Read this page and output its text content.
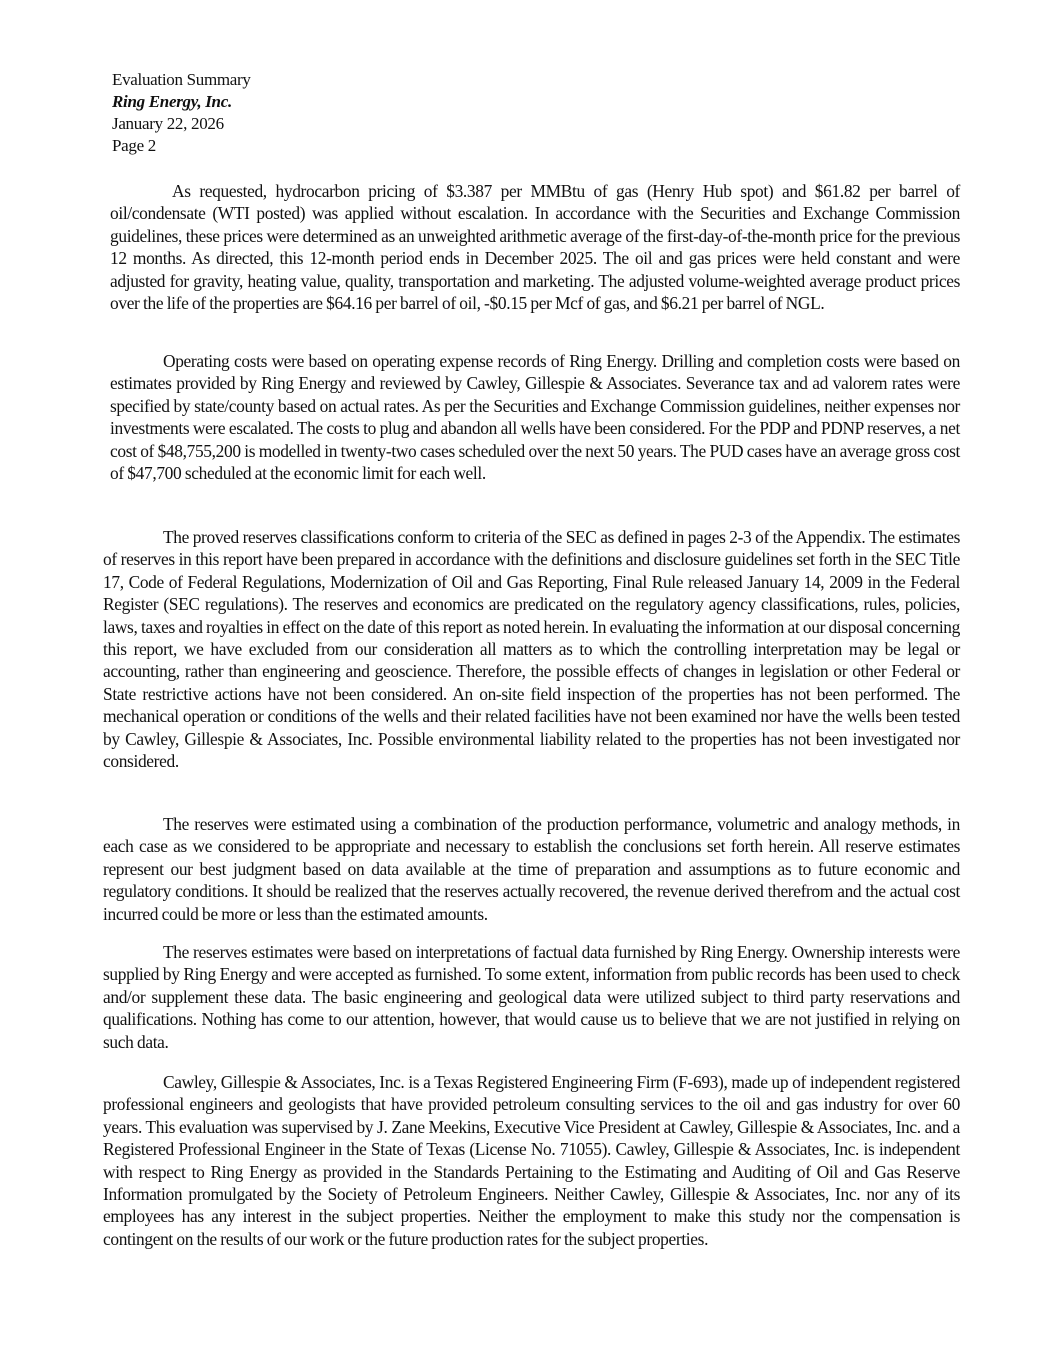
Evaluation Summary
Ring Energy, Inc.
January 22, 2026
Page 2

As requested, hydrocarbon pricing of $3.387 per MMBtu of gas (Henry Hub spot) and $61.82 per barrel of oil/condensate (WTI posted) was applied without escalation. In accordance with the Securities and Exchange Commission guidelines, these prices were determined as an unweighted arithmetic average of the first-day-of-the-month price for the previous 12 months. As directed, this 12-month period ends in December 2025. The oil and gas prices were held constant and were adjusted for gravity, heating value, quality, transportation and marketing. The adjusted volume-weighted average product prices over the life of the properties are $64.16 per barrel of oil, -$0.15 per Mcf of gas, and $6.21 per barrel of NGL.

Operating costs were based on operating expense records of Ring Energy. Drilling and completion costs were based on estimates provided by Ring Energy and reviewed by Cawley, Gillespie & Associates. Severance tax and ad valorem rates were specified by state/county based on actual rates. As per the Securities and Exchange Commission guidelines, neither expenses nor investments were escalated. The costs to plug and abandon all wells have been considered. For the PDP and PDNP reserves, a net cost of $48,755,200 is modelled in twenty-two cases scheduled over the next 50 years. The PUD cases have an average gross cost of $47,700 scheduled at the economic limit for each well.

The proved reserves classifications conform to criteria of the SEC as defined in pages 2-3 of the Appendix. The estimates of reserves in this report have been prepared in accordance with the definitions and disclosure guidelines set forth in the SEC Title 17, Code of Federal Regulations, Modernization of Oil and Gas Reporting, Final Rule released January 14, 2009 in the Federal Register (SEC regulations). The reserves and economics are predicated on the regulatory agency classifications, rules, policies, laws, taxes and royalties in effect on the date of this report as noted herein. In evaluating the information at our disposal concerning this report, we have excluded from our consideration all matters as to which the controlling interpretation may be legal or accounting, rather than engineering and geoscience. Therefore, the possible effects of changes in legislation or other Federal or State restrictive actions have not been considered. An on-site field inspection of the properties has not been performed. The mechanical operation or conditions of the wells and their related facilities have not been examined nor have the wells been tested by Cawley, Gillespie & Associates, Inc. Possible environmental liability related to the properties has not been investigated nor considered.

The reserves were estimated using a combination of the production performance, volumetric and analogy methods, in each case as we considered to be appropriate and necessary to establish the conclusions set forth herein. All reserve estimates represent our best judgment based on data available at the time of preparation and assumptions as to future economic and regulatory conditions. It should be realized that the reserves actually recovered, the revenue derived therefrom and the actual cost incurred could be more or less than the estimated amounts.

The reserves estimates were based on interpretations of factual data furnished by Ring Energy. Ownership interests were supplied by Ring Energy and were accepted as furnished. To some extent, information from public records has been used to check and/or supplement these data. The basic engineering and geological data were utilized subject to third party reservations and qualifications. Nothing has come to our attention, however, that would cause us to believe that we are not justified in relying on such data.

Cawley, Gillespie & Associates, Inc. is a Texas Registered Engineering Firm (F-693), made up of independent registered professional engineers and geologists that have provided petroleum consulting services to the oil and gas industry for over 60 years. This evaluation was supervised by J. Zane Meekins, Executive Vice President at Cawley, Gillespie & Associates, Inc. and a Registered Professional Engineer in the State of Texas (License No. 71055). Cawley, Gillespie & Associates, Inc. is independent with respect to Ring Energy as provided in the Standards Pertaining to the Estimating and Auditing of Oil and Gas Reserve Information promulgated by the Society of Petroleum Engineers. Neither Cawley, Gillespie & Associates, Inc. nor any of its employees has any interest in the subject properties. Neither the employment to make this study nor the compensation is contingent on the results of our work or the future production rates for the subject properties.
